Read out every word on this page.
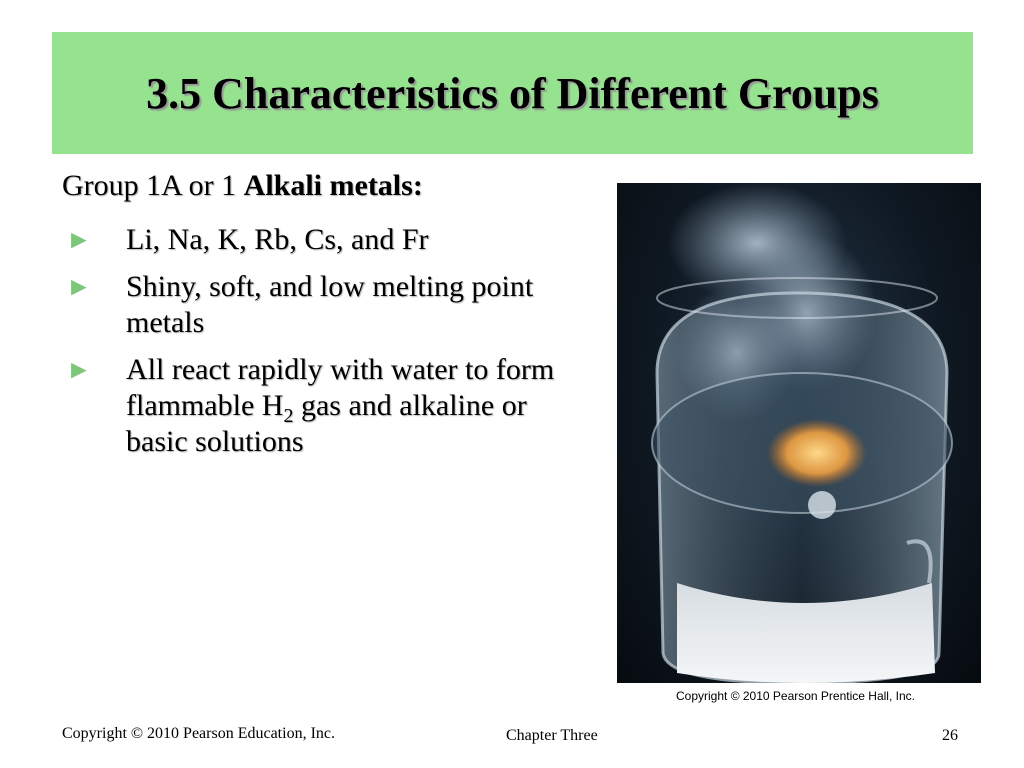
3.5 Characteristics of Different Groups

Group 1A or 1 Alkali metals:

► Li, Na, K, Rb, Cs, and Fr
► Shiny, soft, and low melting point metals
► All react rapidly with water to form flammable $H_2$ gas and alkaline or basic solutions
Copyright © 2010 Pearson Prentice Hall, Inc.
Copyright © 2010 Pearson Education, Inc.	Chapter Three	26
